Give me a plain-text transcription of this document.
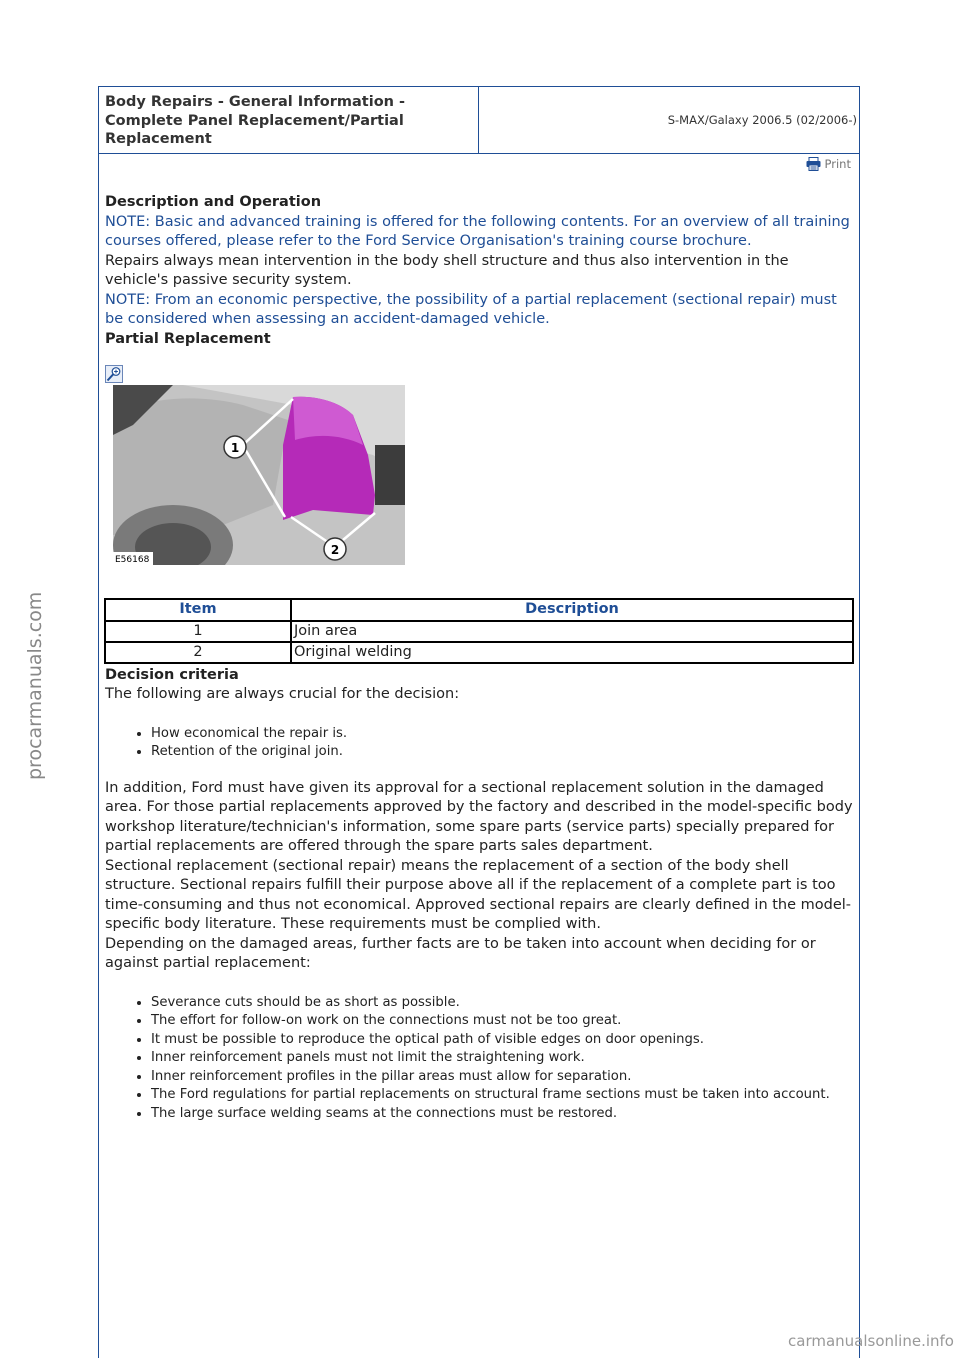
Body Repairs - General Information - Complete Panel Replacement/Partial Replacement
S-MAX/Galaxy 2006.5 (02/2006-)
Print

Description and Operation

NOTE: Basic and advanced training is offered for the following contents. For an overview of all training courses offered, please refer to the Ford Service Organisation's training course brochure.

Repairs always mean intervention in the body shell structure and thus also intervention in the vehicle's passive security system.

NOTE: From an economic perspective, the possibility of a partial replacement (sectional repair) must be considered when assessing an accident-damaged vehicle.

Partial Replacement

1
2
E56168
Item	Description
1	Join area
2	Original welding

Decision criteria

The following are always crucial for the decision:

• How economical the repair is.
• Retention of the original join.

In addition, Ford must have given its approval for a sectional replacement solution in the damaged area. For those partial replacements approved by the factory and described in the model-specific body workshop literature/technician's information, some spare parts (service parts) specially prepared for partial replacements are offered through the spare parts sales department.

Sectional replacement (sectional repair) means the replacement of a section of the body shell structure. Sectional repairs fulfill their purpose above all if the replacement of a complete part is too time-consuming and thus not economical. Approved sectional repairs are clearly defined in the model-specific body literature. These requirements must be complied with.

Depending on the damaged areas, further facts are to be taken into account when deciding for or against partial replacement:

• Severance cuts should be as short as possible.
• The effort for follow-on work on the connections must not be too great.
• It must be possible to reproduce the optical path of visible edges on door openings.
• Inner reinforcement panels must not limit the straightening work.
• Inner reinforcement profiles in the pillar areas must allow for separation.
• The Ford regulations for partial replacements on structural frame sections must be taken into account.
• The large surface welding seams at the connections must be restored.
procarmanuals.com
carmanualsonline.info
